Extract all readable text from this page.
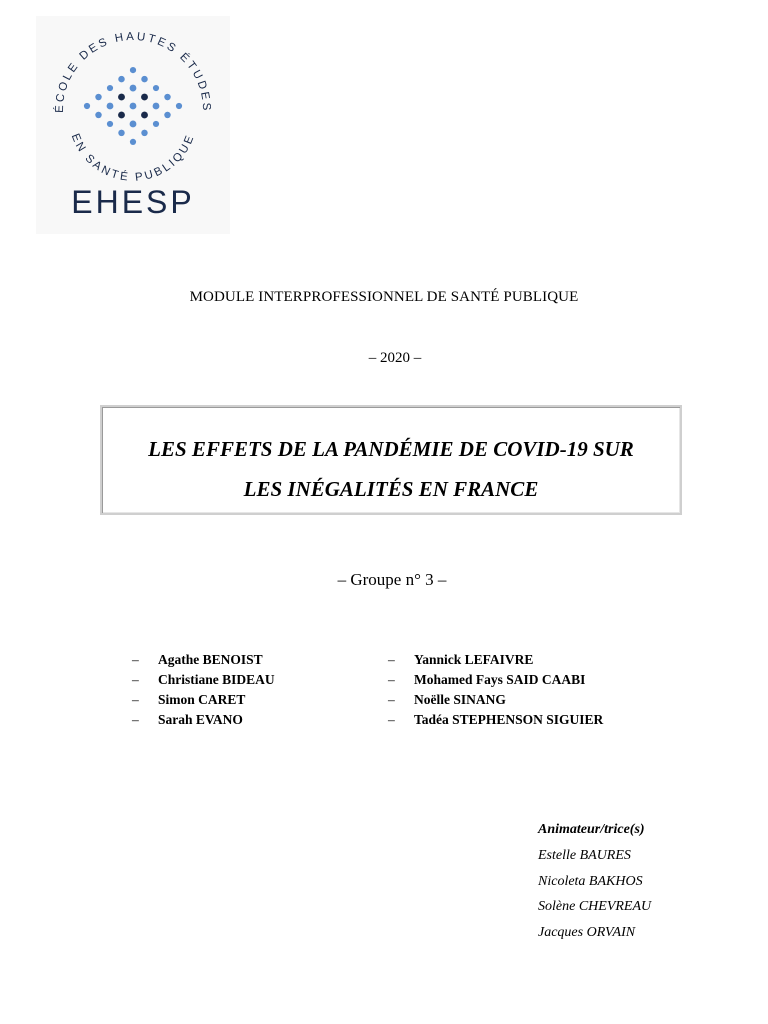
ÉCOLE DES HAUTES ÉTUDES
EN SANTÉ PUBLIQUE
EHESP
MODULE INTERPROFESSIONNEL DE SANTÉ PUBLIQUE
– 2020 –
LES EFFETS DE LA PANDÉMIE DE COVID-19 SUR
LES INÉGALITÉS EN FRANCE
– Groupe n° 3 –
– Agathe BENOIST
– Christiane BIDEAU
– Simon CARET
– Sarah EVANO
– Yannick LEFAIVRE
– Mohamed Fays SAID CAABI
– Noëlle SINANG
– Tadéa STEPHENSON SIGUIER
Animateur/trice(s)
Estelle BAURES
Nicoleta BAKHOS
Solène CHEVREAU
Jacques ORVAIN
